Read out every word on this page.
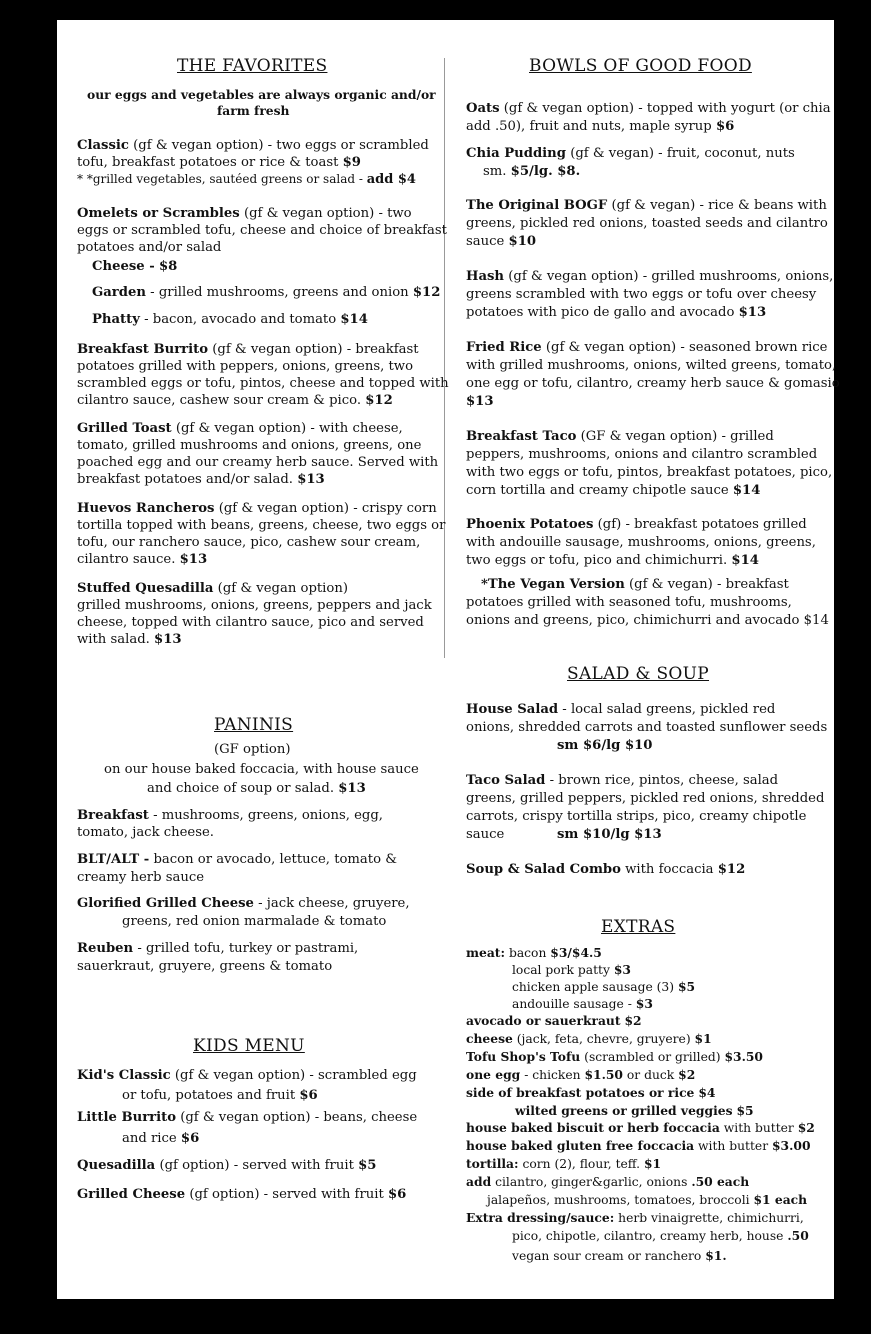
THE FAVORITES
our eggs and vegetables are always organic and/or
farm fresh
Classic (gf & vegan option) - two eggs or scrambled
tofu, breakfast potatoes or rice & toast $9
* *grilled vegetables, sautéed greens or salad - add $4
Omelets or Scrambles (gf & vegan option) - two
eggs or scrambled tofu, cheese and choice of breakfast
potatoes and/or salad
Cheese - $8
Garden - grilled mushrooms, greens and onion $12
Phatty - bacon, avocado and tomato $14
Breakfast Burrito (gf & vegan option) - breakfast
potatoes grilled with peppers, onions, greens, two
scrambled eggs or tofu, pintos, cheese and topped with
cilantro sauce, cashew sour cream & pico. $12
Grilled Toast (gf & vegan option) - with cheese,
tomato, grilled mushrooms and onions, greens, one
poached egg and our creamy herb sauce. Served with
breakfast potatoes and/or salad. $13
Huevos Rancheros (gf & vegan option) - crispy corn
tortilla topped with beans, greens, cheese, two eggs or
tofu, our ranchero sauce, pico, cashew sour cream,
cilantro sauce. $13
Stuffed Quesadilla (gf & vegan option)
grilled mushrooms, onions, greens, peppers and jack
cheese, topped with cilantro sauce, pico and served
with salad. $13
PANINIS
(GF option)
on our house baked foccacia, with house sauce
and choice of soup or salad. $13
Breakfast - mushrooms, greens, onions, egg,
tomato, jack cheese.
BLT/ALT - bacon or avocado, lettuce, tomato &
creamy herb sauce
Glorified Grilled Cheese - jack cheese, gruyere,
greens, red onion marmalade & tomato
Reuben - grilled tofu, turkey or pastrami,
sauerkraut, gruyere, greens & tomato
KIDS MENU
Kid's Classic (gf & vegan option) - scrambled egg
or tofu, potatoes and fruit $6
Little Burrito (gf & vegan option) - beans, cheese
and rice $6
Quesadilla (gf option) - served with fruit $5
Grilled Cheese (gf option) - served with fruit $6
BOWLS OF GOOD FOOD
Oats (gf & vegan option) - topped with yogurt (or chia
add .50), fruit and nuts, maple syrup $6
Chia Pudding (gf & vegan) - fruit, coconut, nuts
sm. $5/lg. $8.
The Original BOGF (gf & vegan) - rice & beans with
greens, pickled red onions, toasted seeds and cilantro
sauce $10
Hash (gf & vegan option) - grilled mushrooms, onions,
greens scrambled with two eggs or tofu over cheesy
potatoes with pico de gallo and avocado $13
Fried Rice (gf & vegan option) - seasoned brown rice
with grilled mushrooms, onions, wilted greens, tomato,
one egg or tofu, cilantro, creamy herb sauce & gomasio
$13
Breakfast Taco (GF & vegan option) - grilled
peppers, mushrooms, onions and cilantro scrambled
with two eggs or tofu, pintos, breakfast potatoes, pico,
corn tortilla and creamy chipotle sauce $14
Phoenix Potatoes (gf) - breakfast potatoes grilled
with andouille sausage, mushrooms, onions, greens,
two eggs or tofu, pico and chimichurri. $14
*The Vegan Version (gf & vegan) - breakfast
potatoes grilled with seasoned tofu, mushrooms,
onions and greens, pico, chimichurri and avocado $14
SALAD & SOUP
House Salad - local salad greens, pickled red
onions, shredded carrots and toasted sunflower seeds
sm $6/lg $10
Taco Salad - brown rice, pintos, cheese, salad
greens, grilled peppers, pickled red onions, shredded
carrots, crispy tortilla strips, pico, creamy chipotle
sauce	sm $10/lg $13
Soup & Salad Combo with foccacia $12
EXTRAS
meat: bacon $3/$4.5
local pork patty $3
chicken apple sausage (3) $5
andouille sausage - $3
avocado or sauerkraut $2
cheese (jack, feta, chevre, gruyere) $1
Tofu Shop's Tofu (scrambled or grilled) $3.50
one egg - chicken $1.50 or duck $2
side of breakfast potatoes or rice $4
wilted greens or grilled veggies $5
house baked biscuit or herb foccacia with butter $2
house baked gluten free foccacia with butter $3.00
tortilla: corn (2), flour, teff. $1
add cilantro, ginger&garlic, onions .50 each
jalapeños, mushrooms, tomatoes, broccoli $1 each
Extra dressing/sauce: herb vinaigrette, chimichurri,
pico, chipotle, cilantro, creamy herb, house .50
vegan sour cream or ranchero $1.
